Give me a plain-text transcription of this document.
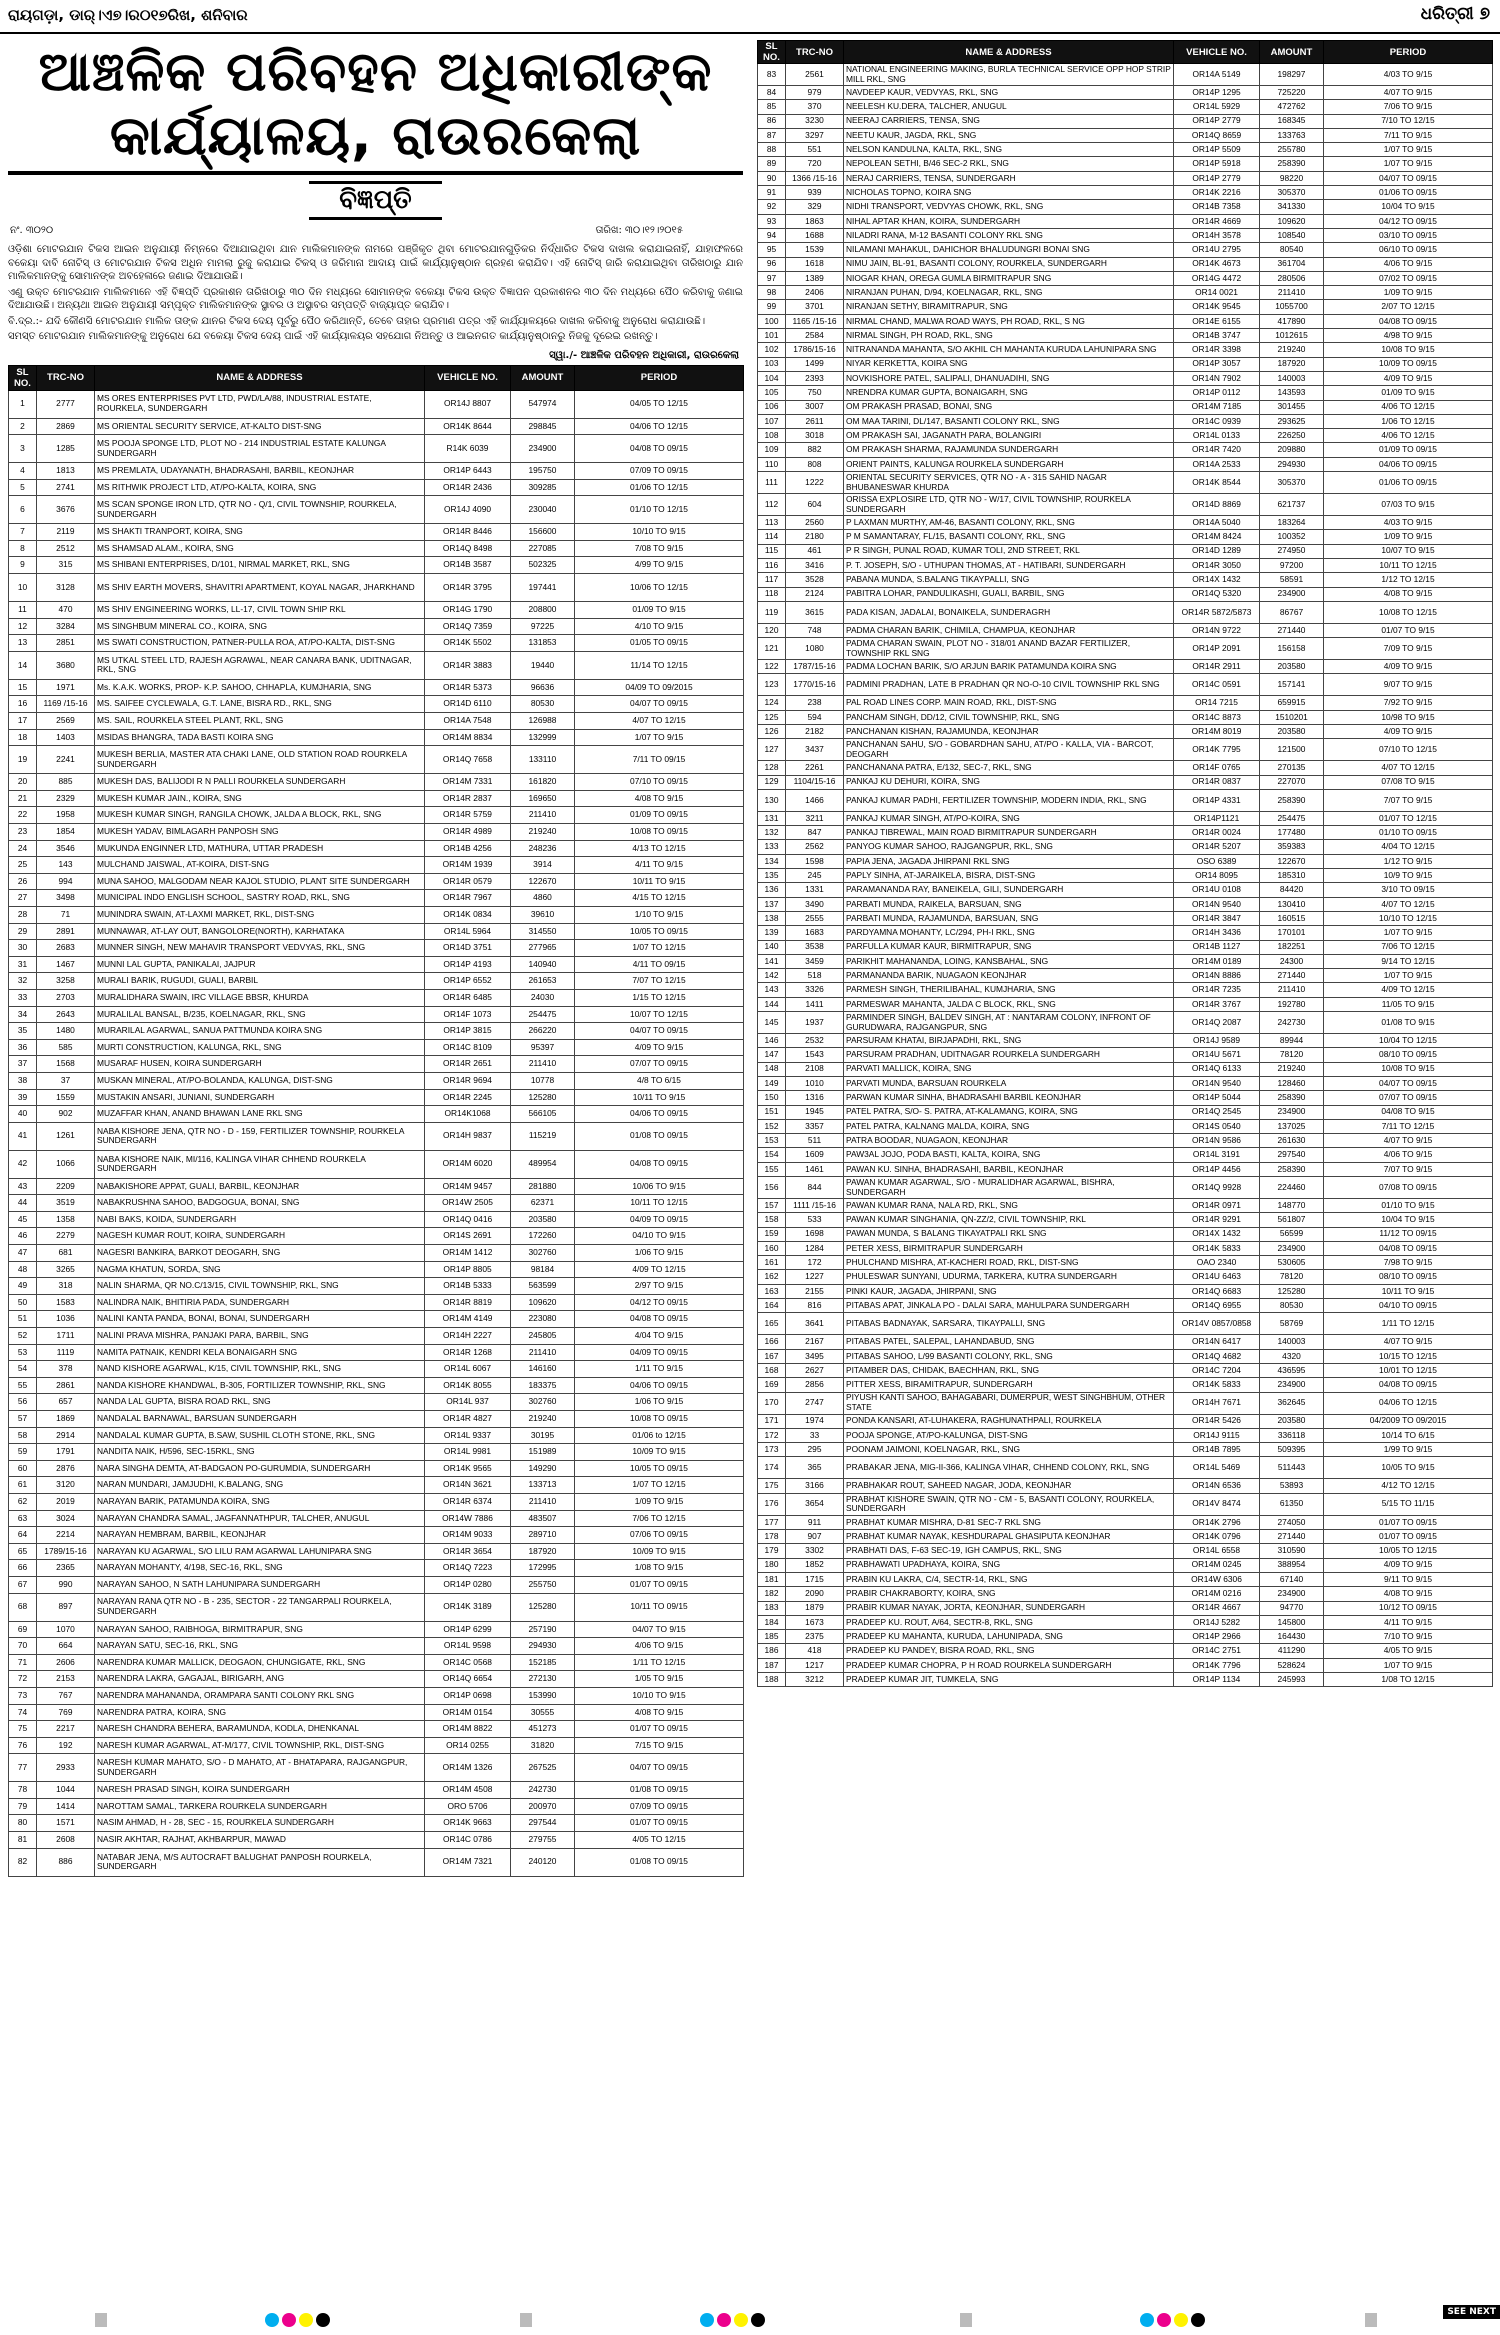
ରାୟଗଡ଼ା, ଡାର୍‌।ଏ୭।ର୦୧୭ରିଖ, ଶନିବାର	ଧରିତ୍ରୀ ୭
ଆଞ୍ଚଳିକ ପରିବହନ ଅଧିକାରୀଙ୍କ
କାର୍ଯ୍ୟାଳୟ, ରାଉରକେଲା
ବିଜ୍ଞପ୍ତି
ନଂ. ୩୦୨୦	ତାରିଖ: ୩୦।୧୨।୨୦୧୫

ଓଡ଼ିଶା ମୋଟରଯାନ ଟିକସ ଆଇନ ଅନୁଯାୟୀ ନିମ୍ନରେ ଦିଆଯାଇଥିବା ଯାନ ମାଲିକମାନଙ୍କ ନାମରେ ପଞ୍ଜିକୃତ ଥିବା ମୋଟରଯାନଗୁଡ଼ିକର ନିର୍ଦ୍ଧାରିତ ଟିକସ ଦାଖଲ କରାଯାଇନାହିଁ, ଯାହାଫଳରେ ବକେୟା ଦାବି ନୋଟିସ୍ ଓ ମୋଟରଯାନ ଟିକସ ଅଧିନ ମାମଲା ରୁଜୁ କରାଯାଇ ଟିକସ୍ ଓ ଜରିମାନା ଆଦାୟ ପାଇଁ କାର୍ଯ୍ୟାନୁଷ୍ଠାନ ଗ୍ରହଣ କରାଯିବ। ଏହି ନୋଟିସ୍ ଜାରି କରାଯାଇଥିବା ତାରିଖଠାରୁ ଯାନ ମାଲିକମାନଙ୍କୁ ସୋମାନଙ୍କ ଅବହେଳାରେ ଜଣାଇ ଦିଆଯାଉଛି।

ଏଣୁ ଉକ୍ତ ମୋଟରଯାନ ମାଲିକମାନେ ଏହି ବିଜ୍ଞପ୍ତି ପ୍ରକାଶନ ତାରିଖଠାରୁ ୩୦ ଦିନ ମଧ୍ୟରେ ସୋମାନଙ୍କ ବକେୟା ଟିକସ ଉକ୍ତ ବିଜ୍ଞାପନ ପ୍ରକାଶନର ୩୦ ଦିନ ମଧ୍ୟରେ ପୈଠ କରିବାକୁ ଜଣାଇ ଦିଆଯାଉଛି। ଅନ୍ୟଥା ଆଇନ ଅନୁଯାୟୀ ସମ୍ପୃକ୍ତ ମାଲିକମାନଙ୍କ ସ୍ଥାବର ଓ ଅସ୍ଥାବର ସମ୍ପତ୍ତି ବାଜ୍ୟାପ୍ତ କରାଯିବ।

ବି.ଦ୍ର.:- ଯଦି କୌଣସି ମୋଟରଯାନ ମାଲିକ ତାଙ୍କ ଯାନର ଟିକସ ଦେୟ ପୂର୍ବରୁ ପୈଠ କରିଥାନ୍ତି, ତେବେ ତାହାର ପ୍ରମାଣ ପତ୍ର ଏହି କାର୍ଯ୍ୟାଳୟରେ ଦାଖଲ କରିବାକୁ ଅନୁରୋଧ କରାଯାଉଛି।

ସମସ୍ତ ମୋଟରଯାନ ମାଲିକମାନଙ୍କୁ ଅନୁରୋଧ ଯେ ବକେୟା ଟିକସ ଦେୟ ପାଇଁ ଏହି କାର୍ଯ୍ୟାଳୟର ସହଯୋଗ ନିଅନ୍ତୁ ଓ ଆଇନଗତ କାର୍ଯ୍ୟାନୁଷ୍ଠାନରୁ ନିଜକୁ ଦୂରେଇ ରଖନ୍ତୁ।

ସ୍ୱା./- ଆଞ୍ଚଳିକ ପରିବହନ ଅଧିକାରୀ, ରାଉରକେଲା
SL NO.	TRC-NO	NAME & ADDRESS	VEHICLE NO.	AMOUNT	PERIOD
1	2777	MS ORES ENTERPRISES PVT LTD, PWD/LA/88, INDUSTRIAL ESTATE, ROURKELA, SUNDERGARH	OR14J 8807	547974	04/05 TO 12/15
2	2869	MS ORIENTAL SECURITY SERVICE, AT-KALTO DIST-SNG	OR14K 8644	298845	04/06 TO 12/15
3	1285	MS POOJA SPONGE LTD, PLOT NO - 214 INDUSTRIAL ESTATE KALUNGA SUNDERGARH	R14K 6039	234900	04/08 TO 09/15
4	1813	MS PREMLATA, UDAYANATH, BHADRASAHI, BARBIL, KEONJHAR	OR14P 6443	195750	07/09 TO 09/15
5	2741	MS RITHWIK PROJECT LTD, AT/PO-KALTA, KOIRA, SNG	OR14R 2436	309285	01/06 TO 12/15
6	3676	MS SCAN SPONGE IRON LTD, QTR NO - Q/1, CIVIL TOWNSHIP, ROURKELA, SUNDERGARH	OR14J 4090	230040	01/10 TO 12/15
7	2119	MS SHAKTI TRANPORT, KOIRA, SNG	OR14R 8446	156600	10/10 TO 9/15
8	2512	MS SHAMSAD ALAM., KOIRA, SNG	OR14Q 8498	227085	7/08 TO 9/15
9	315	MS SHIBANI ENTERPRISES, D/101, NIRMAL MARKET, RKL, SNG	OR14B 3587	502325	4/99 TO 9/15
10	3128	MS SHIV EARTH MOVERS, SHAVITRI APARTMENT, KOYAL NAGAR, JHARKHAND	OR14R 3795	197441	10/06 TO 12/15
11	470	MS SHIV ENGINEERING WORKS, LL-17, CIVIL TOWN SHIP RKL	OR14G 1790	208800	01/09 TO 9/15
12	3284	MS SINGHBUM MINERAL CO., KOIRA, SNG	OR14Q 7359	97225	4/10 TO 9/15
13	2851	MS SWATI CONSTRUCTION, PATNER-PULLA ROA, AT/PO-KALTA, DIST-SNG	OR14K 5502	131853	01/05 TO 09/15
14	3680	MS UTKAL STEEL LTD, RAJESH AGRAWAL, NEAR CANARA BANK, UDITNAGAR, RKL, SNG	OR14R 3883	19440	11/14 TO 12/15
15	1971	Ms. K.A.K. WORKS, PROP- K.P. SAHOO, CHHAPLA, KUMJHARIA, SNG	OR14R 5373	96636	04/09 TO 09/2015
16	1169 /15-16	MS. SAIFEE CYCLEWALA, G.T. LANE, BISRA RD., RKL, SNG	OR14D 6110	80530	04/07 TO 09/15
17	2569	MS. SAIL, ROURKELA STEEL PLANT, RKL, SNG	OR14A 7548	126988	4/07 TO 12/15
18	1403	MSIDAS BHANGRA, TADA BASTI KOIRA SNG	OR14M 8834	132999	1/07 TO 9/15
19	2241	MUKESH BERLIA, MASTER ATA CHAKI LANE, OLD STATION ROAD ROURKELA SUNDERGARH	OR14Q 7658	133110	7/11 TO 09/15
20	885	MUKESH DAS, BALIJODI R N PALLI ROURKELA SUNDERGARH	OR14M 7331	161820	07/10 TO 09/15
21	2329	MUKESH KUMAR JAIN., KOIRA, SNG	OR14R 2837	169650	4/08 TO 9/15
22	1958	MUKESH KUMAR SINGH, RANGILA CHOWK, JALDA A BLOCK, RKL, SNG	OR14R 5759	211410	01/09 TO 09/15
23	1854	MUKESH YADAV, BIMLAGARH PANPOSH SNG	OR14R 4989	219240	10/08 TO 09/15
24	3546	MUKUNDA ENGINNER LTD, MATHURA, UTTAR PRADESH	OR14B 4256	248236	4/13 TO 12/15
25	143	MULCHAND JAISWAL, AT-KOIRA, DIST-SNG	OR14M 1939	3914	4/11 TO 9/15
26	994	MUNA SAHOO, MALGODAM NEAR KAJOL STUDIO, PLANT SITE SUNDERGARH	OR14R 0579	122670	10/11 TO 9/15
27	3498	MUNICIPAL INDO ENGLISH SCHOOL, SASTRY ROAD, RKL, SNG	OR14R 7967	4860	4/15 TO 12/15
28	71	MUNINDRA SWAIN, AT-LAXMI MARKET, RKL, DIST-SNG	OR14K 0834	39610	1/10 TO 9/15
29	2891	MUNNAWAR, AT-LAY OUT, BANGOLORE(NORTH), KARHATAKA	OR14L 5964	314550	10/05 TO 09/15
30	2683	MUNNER SINGH, NEW MAHAVIR TRANSPORT VEDVYAS, RKL, SNG	OR14D 3751	277965	1/07 TO 12/15
31	1467	MUNNI LAL GUPTA, PANIKALAI, JAJPUR	OR14P 4193	140940	4/11 TO 09/15
32	3258	MURALI BARIK, RUGUDI, GUALI, BARBIL	OR14P 6552	261653	7/07 TO 12/15
33	2703	MURALIDHARA SWAIN, IRC VILLAGE BBSR, KHURDA	OR14R 6485	24030	1/15 TO 12/15
34	2643	MURALILAL BANSAL, B/235, KOELNAGAR, RKL, SNG	OR14F 1073	254475	10/07 TO 12/15
35	1480	MURARILAL AGARWAL, SANUA PATTMUNDA KOIRA SNG	OR14P 3815	266220	04/07 TO 09/15
36	585	MURTI CONSTRUCTION, KALUNGA, RKL, SNG	OR14C 8109	95397	4/09 TO 9/15
37	1568	MUSARAF HUSEN, KOIRA SUNDERGARH	OR14R 2651	211410	07/07 TO 09/15
38	37	MUSKAN MINERAL, AT/PO-BOLANDA, KALUNGA, DIST-SNG	OR14R 9694	10778	4/8 TO 6/15
39	1559	MUSTAKIN ANSARI, JUNIANI, SUNDERGARH	OR14R 2245	125280	10/11 TO 9/15
40	902	MUZAFFAR KHAN, ANAND BHAWAN LANE RKL SNG	OR14K1068	566105	04/06 TO 09/15
41	1261	NABA KISHORE JENA, QTR NO - D - 159, FERTILIZER TOWNSHIP, ROURKELA SUNDERGARH	OR14H 9837	115219	01/08 TO 09/15
42	1066	NABA KISHORE NAIK, MI/116, KALINGA VIHAR CHHEND ROURKELA SUNDERGARH	OR14M 6020	489954	04/08 TO 09/15
43	2209	NABAKISHORE APPAT, GUALI, BARBIL, KEONJHAR	OR14M 9457	281880	10/06 TO 9/15
44	3519	NABAKRUSHNA SAHOO, BADGOGUA, BONAI, SNG	OR14W 2505	62371	10/11 TO 12/15
45	1358	NABI BAKS, KOIDA, SUNDERGARH	OR14Q 0416	203580	04/09 TO 09/15
46	2279	NAGESH KUMAR ROUT, KOIRA, SUNDERGARH	OR14S 2691	172260	04/10 TO 9/15
47	681	NAGESRI BANKIRA, BARKOT DEOGARH, SNG	OR14M 1412	302760	1/06 TO 9/15
48	3265	NAGMA KHATUN, SORDA, SNG	OR14P 8805	98184	4/09 TO 12/15
49	318	NALIN SHARMA, QR NO.C/13/15, CIVIL TOWNSHIP, RKL, SNG	OR14B 5333	563599	2/97 TO 9/15
50	1583	NALINDRA NAIK, BHITIRIA PADA, SUNDERGARH	OR14R 8819	109620	04/12 TO 09/15
51	1036	NALINI KANTA PANDA, BONAI, BONAI, SUNDERGARH	OR14M 4149	223080	04/08 TO 09/15
52	1711	NALINI PRAVA MISHRA, PANJAKI PARA, BARBIL, SNG	OR14H 2227	245805	4/04 TO 9/15
53	1119	NAMITA PATNAIK, KENDRI KELA BONAIGARH SNG	OR14R 1268	211410	04/09 TO 09/15
54	378	NAND KISHORE AGARWAL, K/15, CIVIL TOWNSHIP, RKL, SNG	OR14L 6067	146160	1/11 TO 9/15
55	2861	NANDA KISHORE KHANDWAL, B-305, FORTILIZER TOWNSHIP, RKL, SNG	OR14K 8055	183375	04/06 TO 09/15
56	657	NANDA LAL GUPTA, BISRA ROAD RKL, SNG	OR14L 937	302760	1/06 TO 9/15
57	1869	NANDALAL BARNAWAL, BARSUAN SUNDERGARH	OR14R 4827	219240	10/08 TO 09/15
58	2914	NANDALAL KUMAR GUPTA, B.SAW, SUSHIL CLOTH STONE, RKL, SNG	OR14L 9337	30195	01/06 to 12/15
59	1791	NANDITA NAIK, H/596, SEC-15RKL, SNG	OR14L 9981	151989	10/09 TO 9/15
60	2876	NARA SINGHA DEMTA, AT-BADGAON PO-GURUMDIA, SUNDERGARH	OR14K 9565	149290	10/05 TO 09/15
61	3120	NARAN MUNDARI, JAMJUDHI, K.BALANG, SNG	OR14N 3621	133713	1/07 TO 12/15
62	2019	NARAYAN BARIK, PATAMUNDA KOIRA, SNG	OR14R 6374	211410	1/09 TO 9/15
63	3024	NARAYAN CHANDRA SAMAL, JAGFANNATHPUR, TALCHER, ANUGUL	OR14W 7886	483507	7/06 TO 12/15
64	2214	NARAYAN HEMBRAM, BARBIL, KEONJHAR	OR14M 9033	289710	07/06 TO 09/15
65	1789/15-16	NARAYAN KU AGARWAL, S/O LILU RAM AGARWAL LAHUNIPARA SNG	OR14R 3654	187920	10/09 TO 9/15
66	2365	NARAYAN MOHANTY, 4/198, SEC-16, RKL, SNG	OR14Q 7223	172995	1/08 TO 9/15
67	990	NARAYAN SAHOO, N SATH LAHUNIPARA SUNDERGARH	OR14P 0280	255750	01/07 TO 09/15
68	897	NARAYAN RANA QTR NO - B - 235, SECTOR - 22 TANGARPALI ROURKELA, SUNDERGARH	OR14K 3189	125280	10/11 TO 09/15
69	1070	NARAYAN SAHOO, RAIBHOGA, BIRMITRAPUR, SNG	OR14P 6299	257190	04/07 TO 9/15
70	664	NARAYAN SATU, SEC-16, RKL, SNG	OR14L 9598	294930	4/06 TO 9/15
71	2606	NARENDRA KUMAR MALLICK, DEOGAON, CHUNGIGATE, RKL, SNG	OR14C 0568	152185	1/11 TO 12/15
72	2153	NARENDRA LAKRA, GAGAJAL, BIRIGARH, ANG	OR14Q 6654	272130	1/05 TO 9/15
73	767	NARENDRA MAHANANDA, ORAMPARA SANTI COLONY RKL SNG	OR14P 0698	153990	10/10 TO 9/15
74	769	NARENDRA PATRA, KOIRA, SNG	OR14M 0154	30555	4/08 TO 9/15
75	2217	NARESH CHANDRA BEHERA, BARAMUNDA, KODLA, DHENKANAL	OR14M 8822	451273	01/07 TO 09/15
76	192	NARESH KUMAR AGARWAL, AT-M/177, CIVIL TOWNSHIP, RKL, DIST-SNG	OR14 0255	31820	7/15 TO 9/15
77	2933	NARESH KUMAR MAHATO, S/O - D MAHATO, AT - BHATAPARA, RAJGANGPUR, SUNDERGARH	OR14M 1326	267525	04/07 TO 09/15
78	1044	NARESH PRASAD SINGH, KOIRA SUNDERGARH	OR14M 4508	242730	01/08 TO 09/15
79	1414	NAROTTAM SAMAL, TARKERA ROURKELA SUNDERGARH	ORO 5706	200970	07/09 TO 09/15
80	1571	NASIM AHMAD, H - 28, SEC - 15, ROURKELA SUNDERGARH	OR14K 9663	297544	01/07 TO 09/15
81	2608	NASIR AKHTAR, RAJHAT, AKHBARPUR, MAWAD	OR14C 0786	279755	4/05 TO 12/15
82	886	NATABAR JENA, M/S AUTOCRAFT BALUGHAT PANPOSH ROURKELA, SUNDERGARH	OR14M 7321	240120	01/08 TO 09/15
SL NO.	TRC-NO	NAME & ADDRESS	VEHICLE NO.	AMOUNT	PERIOD
83	2561	NATIONAL ENGINEERING MAKING, BURLA TECHNICAL SERVICE OPP HOP STRIP MILL RKL, SNG	OR14A 5149	198297	4/03 TO 9/15
84	979	NAVDEEP KAUR, VEDVYAS, RKL, SNG	OR14P 1295	725220	4/07 TO 9/15
85	370	NEELESH KU.DERA, TALCHER, ANUGUL	OR14L 5929	472762	7/06 TO 9/15
86	3230	NEERAJ CARRIERS, TENSA, SNG	OR14P 2779	168345	7/10 TO 12/15
87	3297	NEETU KAUR, JAGDA, RKL, SNG	OR14Q 8659	133763	7/11 TO 9/15
88	551	NELSON KANDULNA, KALTA, RKL, SNG	OR14P 5509	255780	1/07 TO 9/15
89	720	NEPOLEAN SETHI, B/46 SEC-2 RKL, SNG	OR14P 5918	258390	1/07 TO 9/15
90	1366 /15-16	NERAJ CARRIERS, TENSA, SUNDERGARH	OR14P 2779	98220	04/07 TO 09/15
91	939	NICHOLAS TOPNO, KOIRA SNG	OR14K 2216	305370	01/06 TO 09/15
92	329	NIDHI TRANSPORT, VEDVYAS CHOWK, RKL, SNG	OR14B 7358	341330	10/04 TO 9/15
93	1863	NIHAL APTAR KHAN, KOIRA, SUNDERGARH	OR14R 4669	109620	04/12 TO 09/15
94	1688	NILADRI RANA, M-12 BASANTI COLONY RKL SNG	OR14H 3578	108540	03/10 TO 09/15
95	1539	NILAMANI MAHAKUL, DAHICHOR BHALUDUNGRI BONAI SNG	OR14U 2795	80540	06/10 TO 09/15
96	1618	NIMU JAIN, BL-91, BASANTI COLONY, ROURKELA, SUNDERGARH	OR14K 4673	361704	4/06 TO 9/15
97	1389	NIOGAR KHAN, OREGA GUMLA BIRMITRAPUR SNG	OR14G 4472	280506	07/02 TO 09/15
98	2406	NIRANJAN PUHAN, D/94, KOELNAGAR, RKL, SNG	OR14 0021	211410	1/09 TO 9/15
99	3701	NIRANJAN SETHY, BIRAMITRAPUR, SNG	OR14K 9545	1055700	2/07 TO 12/15
100	1165 /15-16	NIRMAL CHAND, MALWA ROAD WAYS, PH ROAD, RKL, S NG	OR14E 6155	417890	04/08 TO 09/15
101	2584	NIRMAL SINGH, PH ROAD, RKL, SNG	OR14B 3747	1012615	4/98 TO 9/15
102	1786/15-16	NITRANANDA MAHANTA, S/O AKHIL CH MAHANTA KURUDA LAHUNIPARA SNG	OR14R 3398	219240	10/08 TO 9/15
103	1499	NIYAR KERKETTA, KOIRA SNG	OR14P 3057	187920	10/09 TO 09/15
104	2393	NOVKISHORE PATEL, SALIPALI, DHANUADIHI, SNG	OR14N 7902	140003	4/09 TO 9/15
105	750	NRENDRA KUMAR GUPTA, BONAIGARH, SNG	OR14P 0112	143593	01/09 TO 9/15
106	3007	OM PRAKASH PRASAD, BONAI, SNG	OR14M 7185	301455	4/06 TO 12/15
107	2611	OM MAA TARINI, DL/147, BASANTI COLONY RKL, SNG	OR14C 0939	293625	1/06 TO 12/15
108	3018	OM PRAKASH SAI, JAGANATH PARA, BOLANGIRI	OR14L 0133	226250	4/06 TO 12/15
109	882	OM PRAKASH SHARMA, RAJAMUNDA SUNDERGARH	OR14R 7420	209880	01/09 TO 09/15
110	808	ORIENT PAINTS, KALUNGA ROURKELA SUNDERGARH	OR14A 2533	294930	04/06 TO 09/15
111	1222	ORIENTAL SECURITY SERVICES, QTR NO - A - 315 SAHID NAGAR BHUBANESWAR KHURDA	OR14K 8544	305370	01/06 TO 09/15
112	604	ORISSA EXPLOSIRE LTD, QTR NO - W/17, CIVIL TOWNSHIP, ROURKELA SUNDERGARH	OR14D 8869	621737	07/03 TO 9/15
113	2560	P LAXMAN MURTHY, AM-46, BASANTI COLONY, RKL, SNG	OR14A 5040	183264	4/03 TO 9/15
114	2180	P M SAMANTARAY, FL/15, BASANTI COLONY, RKL, SNG	OR14M 8424	100352	1/09 TO 9/15
115	461	P R SINGH, PUNAL ROAD, KUMAR TOLI, 2ND STREET, RKL	OR14D 1289	274950	10/07 TO 9/15
116	3416	P. T. JOSEPH, S/O - UTHUPAN THOMAS, AT - HATIBARI, SUNDERGARH	OR14R 3050	97200	10/11 TO 12/15
117	3528	PABANA MUNDA, S.BALANG TIKAYPALLI, SNG	OR14X 1432	58591	1/12 TO 12/15
118	2124	PABITRA LOHAR, PANDULIKASHI, GUALI, BARBIL, SNG	OR14Q 5320	234900	4/08 TO 9/15
119	3615	PADA KISAN, JADALAI, BONAIKELA, SUNDERAGRH	OR14R 5872/5873	86767	10/08 TO 12/15
120	748	PADMA CHARAN BARIK, CHIMILA, CHAMPUA, KEONJHAR	OR14N 9722	271440	01/07 TO 9/15
121	1080	PADMA CHARAN SWAIN, PLOT NO - 318/01 ANAND BAZAR FERTILIZER, TOWNSHIP RKL SNG	OR14P 2091	156158	7/09 TO 9/15
122	1787/15-16	PADMA LOCHAN BARIK, S/O ARJUN BARIK PATAMUNDA KOIRA SNG	OR14R 2911	203580	4/09 TO 9/15
123	1770/15-16	PADMINI PRADHAN, LATE B PRADHAN QR NO-O-10 CIVIL TOWNSHIP RKL SNG	OR14C 0591	157141	9/07 TO 9/15
124	238	PAL ROAD LINES CORP. MAIN ROAD, RKL, DIST-SNG	OR14 7215	659915	7/92 TO 9/15
125	594	PANCHAM SINGH, DD/12, CIVIL TOWNSHIP, RKL, SNG	OR14C 8873	1510201	10/98 TO 9/15
126	2182	PANCHANAN KISHAN, RAJAMUNDA, KEONJHAR	OR14M 8019	203580	4/09 TO 9/15
127	3437	PANCHANAN SAHU, S/O - GOBARDHAN SAHU, AT/PO - KALLA, VIA - BARCOT, DEOGARH	OR14K 7795	121500	07/10 TO 12/15
128	2261	PANCHANANA PATRA, E/132, SEC-7, RKL, SNG	OR14F 0765	270135	4/07 TO 12/15
129	1104/15-16	PANKAJ KU DEHURI, KOIRA, SNG	OR14R 0837	227070	07/08 TO 9/15
130	1466	PANKAJ KUMAR PADHI, FERTILIZER TOWNSHIP, MODERN INDIA, RKL, SNG	OR14P 4331	258390	7/07 TO 9/15
131	3211	PANKAJ KUMAR SINGH, AT/PO-KOIRA, SNG	OR14P1121	254475	01/07 TO 12/15
132	847	PANKAJ TIBREWAL, MAIN ROAD BIRMITRAPUR SUNDERGARH	OR14R 0024	177480	01/10 TO 09/15
133	2562	PANYOG KUMAR SAHOO, RAJGANGPUR, RKL, SNG	OR14R 5207	359383	4/04 TO 12/15
134	1598	PAPIA JENA, JAGADA JHIRPANI RKL SNG	OSO 6389	122670	1/12 TO 9/15
135	245	PAPLY SINHA, AT-JARAIKELA, BISRA, DIST-SNG	OR14 8095	185310	10/9 TO 9/15
136	1331	PARAMANANDA RAY, BANEIKELA, GILI, SUNDERGARH	OR14U 0108	84420	3/10 TO 09/15
137	3490	PARBATI MUNDA, RAIKELA, BARSUAN, SNG	OR14N 9540	130410	4/07 TO 12/15
138	2555	PARBATI MUNDA, RAJAMUNDA, BARSUAN, SNG	OR14R 3847	160515	10/10 TO 12/15
139	1683	PARDYAMNA MOHANTY, LC/294, PH-I RKL, SNG	OR14H 3436	170101	1/07 TO 9/15
140	3538	PARFULLA KUMAR KAUR, BIRMITRAPUR, SNG	OR14B 1127	182251	7/06 TO 12/15
141	3459	PARIKHIT MAHANANDA, LOING, KANSBAHAL, SNG	OR14M 0189	24300	9/14 TO 12/15
142	518	PARMANANDA BARIK, NUAGAON KEONJHAR	OR14N 8886	271440	1/07 TO 9/15
143	3326	PARMESH SINGH, THERILIBAHAL, KUMJHARIA, SNG	OR14R 7235	211410	4/09 TO 12/15
144	1411	PARMESWAR MAHANTA, JALDA C BLOCK, RKL, SNG	OR14R 3767	192780	11/05 TO 9/15
145	1937	PARMINDER SINGH, BALDEV SINGH, AT : NANTARAM COLONY, INFRONT OF GURUDWARA, RAJGANGPUR, SNG	OR14Q 2087	242730	01/08 TO 9/15
146	2532	PARSURAM KHATAI, BIRJAPADHI, RKL, SNG	OR14J 9589	89944	10/04 TO 12/15
147	1543	PARSURAM PRADHAN, UDITNAGAR ROURKELA SUNDERGARH	OR14U 5671	78120	08/10 TO 09/15
148	2108	PARVATI MALLICK, KOIRA, SNG	OR14Q 6133	219240	10/08 TO 9/15
149	1010	PARVATI MUNDA, BARSUAN ROURKELA	OR14N 9540	128460	04/07 TO 09/15
150	1316	PARWAN KUMAR SINHA, BHADRASAHI BARBIL KEONJHAR	OR14P 5044	258390	07/07 TO 09/15
151	1945	PATEL PATRA, S/O- S. PATRA, AT-KALAMANG, KOIRA, SNG	OR14Q 2545	234900	04/08 TO 9/15
152	3357	PATEL PATRA, KALNANG MALDA, KOIRA, SNG	OR14S 0540	137025	7/11 TO 12/15
153	511	PATRA BOODAR, NUAGAON, KEONJHAR	OR14N 9586	261630	4/07 TO 9/15
154	1609	PAW3AL JOJO, PODA BASTI, KALTA, KOIRA, SNG	OR14L 3191	297540	4/06 TO 9/15
155	1461	PAWAN KU. SINHA, BHADRASAHI, BARBIL, KEONJHAR	OR14P 4456	258390	7/07 TO 9/15
156	844	PAWAN KUMAR AGARWAL, S/O - MURALIDHAR AGARWAL, BISHRA, SUNDERGARH	OR14Q 9928	224460	07/08 TO 09/15
157	1111 /15-16	PAWAN KUMAR RANA, NALA RD, RKL, SNG	OR14R 0971	148770	01/10 TO 9/15
158	533	PAWAN KUMAR SINGHANIA, QN-ZZ/2, CIVIL TOWNSHIP, RKL	OR14R 9291	561807	10/04 TO 9/15
159	1698	PAWAN MUNDA, S BALANG TIKAYATPALI RKL SNG	OR14X 1432	56599	11/12 TO 09/15
160	1284	PETER XESS, BIRMITRAPUR SUNDERGARH	OR14K 5833	234900	04/08 TO 09/15
161	172	PHULCHAND MISHRA, AT-KACHERI ROAD, RKL, DIST-SNG	OAO 2340	530605	7/98 TO 9/15
162	1227	PHULESWAR SUNYANI, UDURMA, TARKERA, KUTRA SUNDERGARH	OR14U 6463	78120	08/10 TO 09/15
163	2155	PINKI KAUR, JAGADA, JHIRPANI, SNG	OR14Q 6683	125280	10/11 TO 9/15
164	816	PITABAS APAT, JINKALA PO - DALAI SARA, MAHULPARA SUNDERGARH	OR14Q 6955	80530	04/10 TO 09/15
165	3641	PITABAS BADNAYAK, SARSARA, TIKAYPALLI, SNG	OR14V 0857/0858	58769	1/11 TO 12/15
166	2167	PITABAS PATEL, SALEPAL, LAHANDABUD, SNG	OR14N 6417	140003	4/07 TO 9/15
167	3495	PITABAS SAHOO, L/99 BASANTI COLONY, RKL, SNG	OR14Q 4682	4320	10/15 TO 12/15
168	2627	PITAMBER DAS, CHIDAK, BAECHHAN, RKL, SNG	OR14C 7204	436595	10/01 TO 12/15
169	2856	PITTER XESS, BIRAMITRAPUR, SUNDERGARH	OR14K 5833	234900	04/08 TO 09/15
170	2747	PIYUSH KANTI SAHOO, BAHAGABARI, DUMERPUR, WEST SINGHBHUM, OTHER STATE	OR14H 7671	362645	04/06 TO 12/15
171	1974	PONDA KANSARI, AT-LUHAKERA, RAGHUNATHPALI, ROURKELA	OR14R 5426	203580	04/2009 TO 09/2015
172	33	POOJA SPONGE, AT/PO-KALUNGA, DIST-SNG	OR14J 9115	336118	10/14 TO 6/15
173	295	POONAM JAIMONI, KOELNAGAR, RKL, SNG	OR14B 7895	509395	1/99 TO 9/15
174	365	PRABAKAR JENA, MIG-II-366, KALINGA VIHAR, CHHEND COLONY, RKL, SNG	OR14L 5469	511443	10/05 TO 9/15
175	3166	PRABHAKAR ROUT, SAHEED NAGAR, JODA, KEONJHAR	OR14N 6536	53893	4/12 TO 12/15
176	3654	PRABHAT KISHORE SWAIN, QTR NO - CM - 5, BASANTI COLONY, ROURKELA, SUNDERGARH	OR14V 8474	61350	5/15 TO 11/15
177	911	PRABHAT KUMAR MISHRA, D-81 SEC-7 RKL SNG	OR14K 2796	274050	01/07 TO 09/15
178	907	PRABHAT KUMAR NAYAK, KESHDURAPAL GHASIPUTA KEONJHAR	OR14K 0796	271440	01/07 TO 09/15
179	3302	PRABHATI DAS, F-63 SEC-19, IGH CAMPUS, RKL, SNG	OR14L 6558	310590	10/05 TO 12/15
180	1852	PRABHAWATI UPADHAYA, KOIRA, SNG	OR14M 0245	388954	4/09 TO 9/15
181	1715	PRABIN KU LAKRA, C/4, SECTR-14, RKL, SNG	OR14W 6306	67140	9/11 TO 9/15
182	2090	PRABIR CHAKRABORTY, KOIRA, SNG	OR14M 0216	234900	4/08 TO 9/15
183	1879	PRABIR KUMAR NAYAK, JORTA, KEONJHAR, SUNDERGARH	OR14R 4667	94770	10/12 TO 09/15
184	1673	PRADEEP KU. ROUT, A/64, SECTR-8, RKL, SNG	OR14J 5282	145800	4/11 TO 9/15
185	2375	PRADEEP KU MAHANTA, KURUDA, LAHUNIPADA, SNG	OR14P 2966	164430	7/10 TO 9/15
186	418	PRADEEP KU PANDEY, BISRA ROAD, RKL, SNG	OR14C 2751	411290	4/05 TO 9/15
187	1217	PRADEEP KUMAR CHOPRA, P H ROAD ROURKELA SUNDERGARH	OR14K 7796	528624	1/07 TO 9/15
188	3212	PRADEEP KUMAR JIT, TUMKELA, SNG	OR14P 1134	245993	1/08 TO 12/15
SEE NEXT
